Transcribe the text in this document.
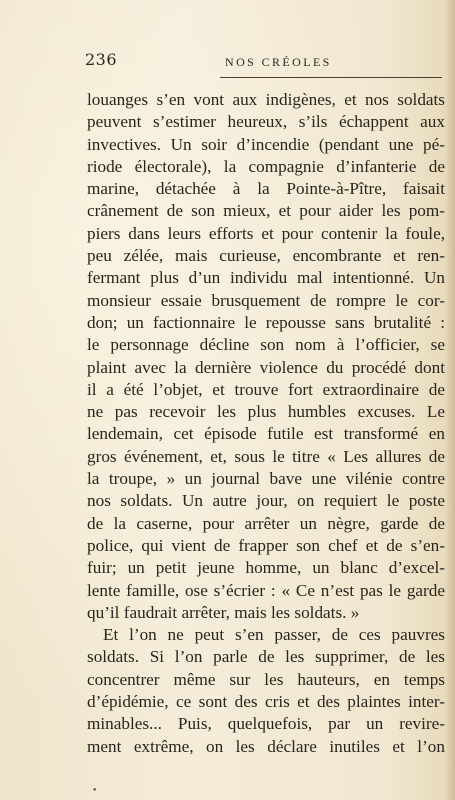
236	NOS CRÉOLES
louanges s’en vont aux indigènes, et nos soldats
peuvent s’estimer heureux, s’ils échappent aux
invectives. Un soir d’incendie (pendant une pé-
riode électorale), la compagnie d’infanterie de
marine, détachée à la Pointe-à-Pître, faisait
crânement de son mieux, et pour aider les pom-
piers dans leurs efforts et pour contenir la foule,
peu zélée, mais curieuse, encombrante et ren-
fermant plus d’un individu mal intentionné. Un
monsieur essaie brusquement de rompre le cor-
don; un factionnaire le repousse sans brutalité :
le personnage décline son nom à l’officier, se
plaint avec la dernière violence du procédé dont
il a été l’objet, et trouve fort extraordinaire de
ne pas recevoir les plus humbles excuses. Le
lendemain, cet épisode futile est transformé en
gros événement, et, sous le titre « Les allures de
la troupe, » un journal bave une vilénie contre
nos soldats. Un autre jour, on requiert le poste
de la caserne, pour arrêter un nègre, garde de
police, qui vient de frapper son chef et de s’en-
fuir; un petit jeune homme, un blanc d’excel-
lente famille, ose s’écrier : « Ce n’est pas le garde
qu’il faudrait arrêter, mais les soldats. »
Et l’on ne peut s’en passer, de ces pauvres
soldats. Si l’on parle de les supprimer, de les
concentrer même sur les hauteurs, en temps
d’épidémie, ce sont des cris et des plaintes inter-
minables... Puis, quelquefois, par un revire-
ment extrême, on les déclare inutiles et l’on
•
